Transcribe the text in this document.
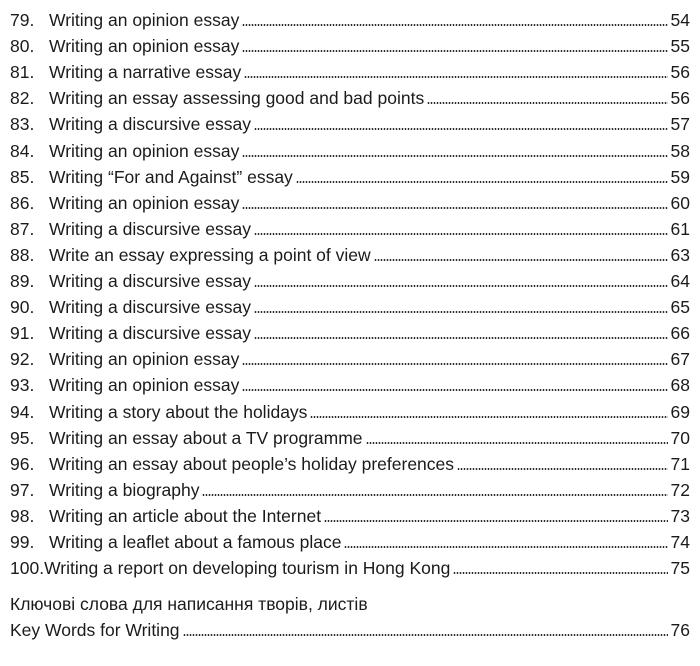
79. Writing an opinion essay	54
80. Writing an opinion essay	55
81. Writing a narrative essay	56
82. Writing an essay assessing good and bad points	56
83. Writing a discursive essay	57
84. Writing an opinion essay	58
85. Writing “For and Against” essay	59
86. Writing an opinion essay	60
87. Writing a discursive essay	61
88. Write an essay expressing a point of view	63
89. Writing a discursive essay	64
90. Writing a discursive essay	65
91. Writing a discursive essay	66
92. Writing an opinion essay	67
93. Writing an opinion essay	68
94. Writing a story about the holidays	69
95. Writing an essay about a TV programme	70
96. Writing an essay about people’s holiday preferences	71
97. Writing a biography	72
98. Writing an article about the Internet	73
99. Writing a leaflet about a famous place	74
100. Writing a report on developing tourism in Hong Kong	75
Ключові слова для написання творів, листів
Key Words for Writing	76
